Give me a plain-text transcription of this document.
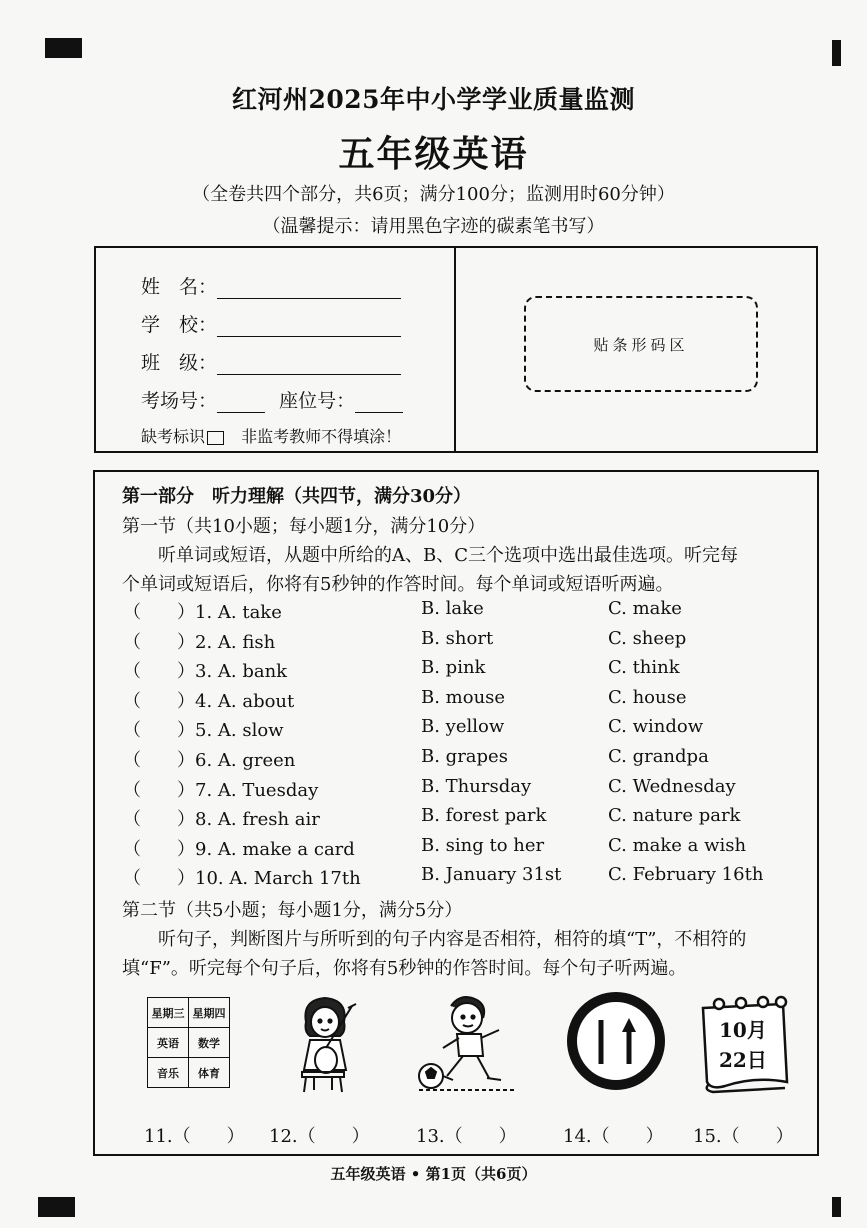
红河州2025年中小学学业质量监测
五年级英语
（全卷共四个部分，共6页；满分100分；监测用时60分钟）
（温馨提示：请用黑色字迹的碳素笔书写）
姓　名：
学　校：
班　级：
考场号：	座位号：
缺考标识 非监考教师不得填涂！
贴条形码区
第一部分　听力理解（共四节，满分30分）
第一节（共10小题；每小题1分，满分10分）
听单词或短语，从题中所给的A、B、C三个选项中选出最佳选项。听完每
个单词或短语后，你将有5秒钟的作答时间。每个单词或短语听两遍。
（　　）1. A. take	B. lake	C. make
（　　）2. A. fish	B. short	C. sheep
（　　）3. A. bank	B. pink	C. think
（　　）4. A. about	B. mouse	C. house
（　　）5. A. slow	B. yellow	C. window
（　　）6. A. green	B. grapes	C. grandpa
（　　）7. A. Tuesday	B. Thursday	C. Wednesday
（　　）8. A. fresh air	B. forest park	C. nature park
（　　）9. A. make a card	B. sing to her	C. make a wish
（　　）10. A. March 17th	B. January 31st	C. February 16th
第二节（共5小题；每小题1分，满分5分）
听句子，判断图片与所听到的句子内容是否相符，相符的填“T”，不相符的
填“F”。听完每个句子后，你将有5秒钟的作答时间。每个句子听两遍。
星期三	星期四
英语	数学
音乐	体育
10月
22日
11.（　　） 12.（　　）	13.（　　）	14.（　　） 15.（　　）
五年级英语 • 第1页（共6页）
